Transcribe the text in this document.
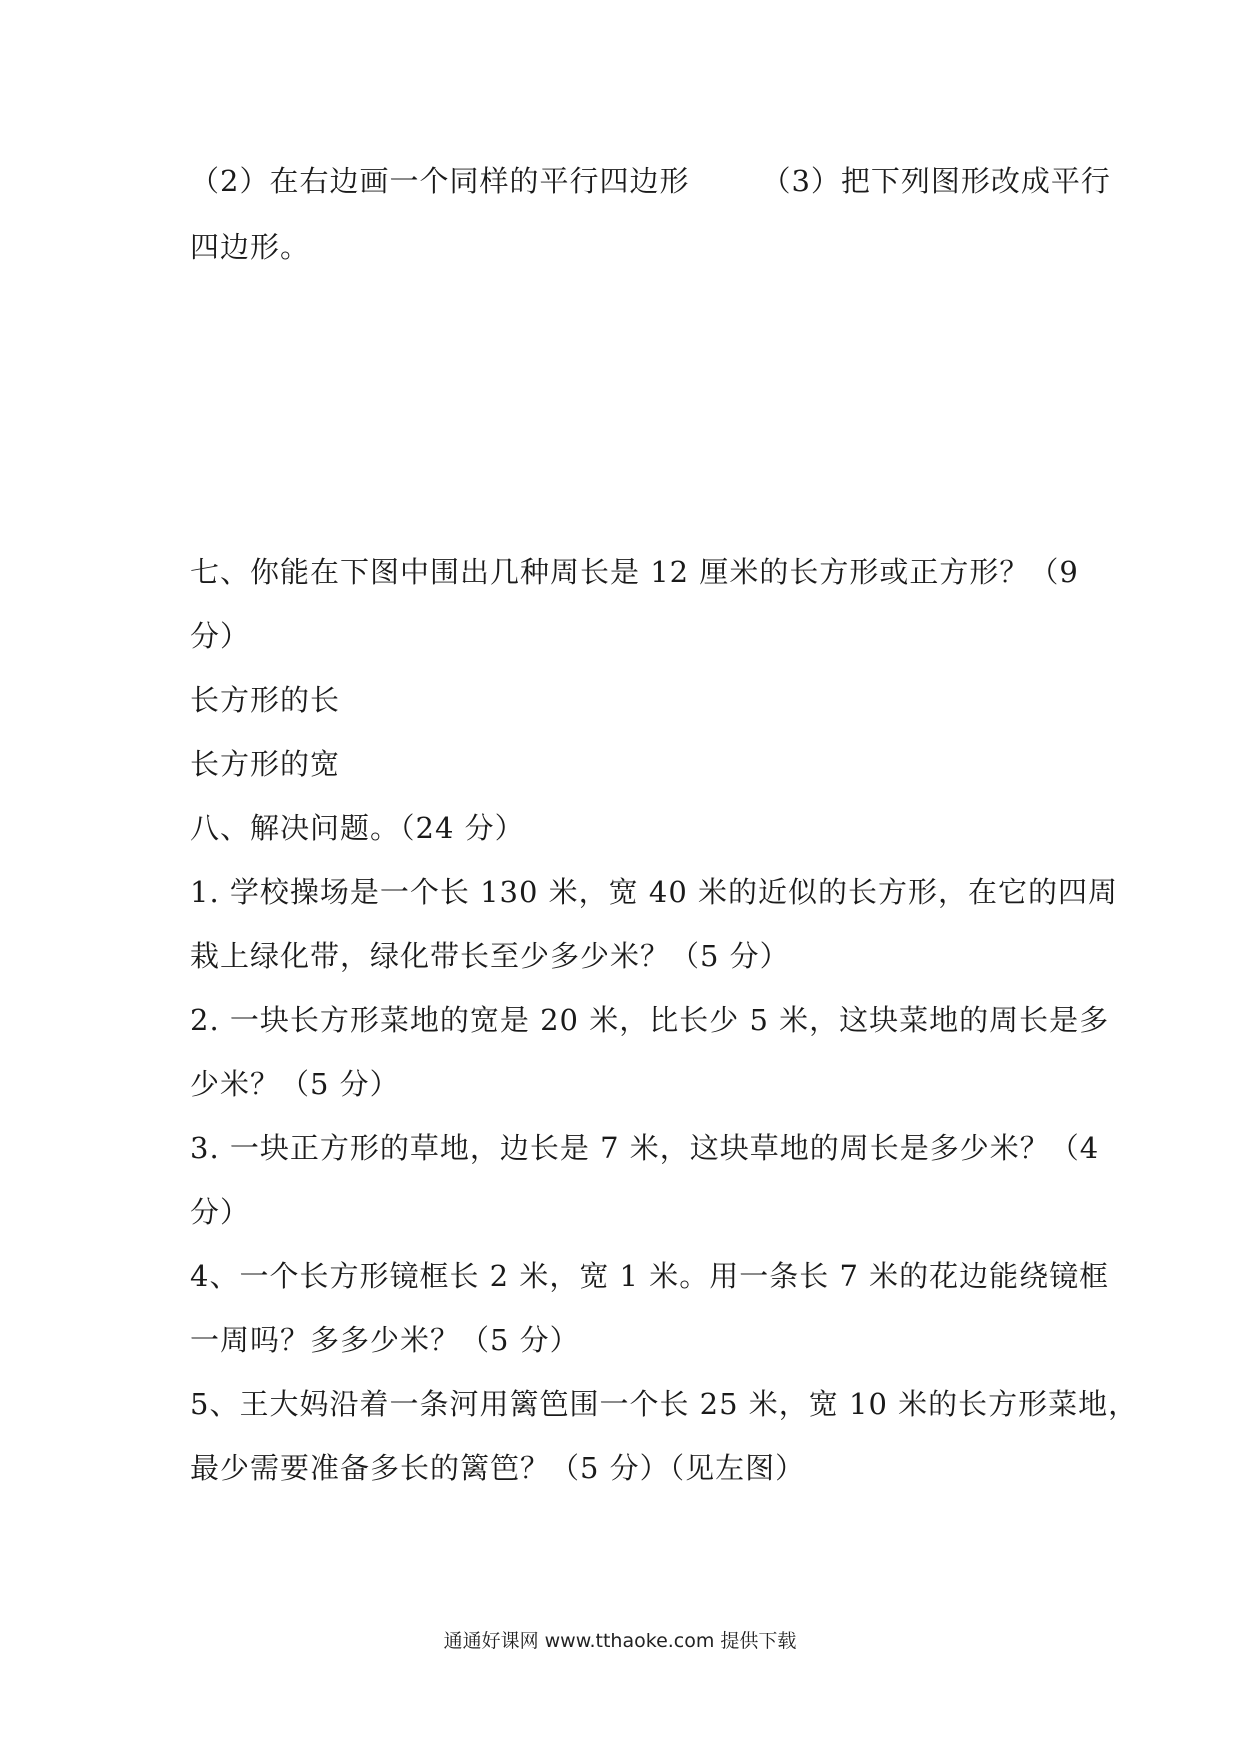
（2）在右边画一个同样的平行四边形 （3）把下列图形改成平行
四边形。
七、你能在下图中围出几种周长是 12 厘米的长方形或正方形？（9
分）
长方形的长
长方形的宽
八、解决问题。（24 分）
1. 学校操场是一个长 130 米，宽 40 米的近似的长方形，在它的四周
栽上绿化带，绿化带长至少多少米？（5 分）
2. 一块长方形菜地的宽是 20 米，比长少 5 米，这块菜地的周长是多
少米？（5 分）
3. 一块正方形的草地，边长是 7 米，这块草地的周长是多少米？（4
分）
4、一个长方形镜框长 2 米，宽 1 米。用一条长 7 米的花边能绕镜框
一周吗？多多少米？（5 分）
5、王大妈沿着一条河用篱笆围一个长 25 米，宽 10 米的长方形菜地，
最少需要准备多长的篱笆？（5 分）（见左图）
通通好课网 www.tthaoke.com 提供下载
